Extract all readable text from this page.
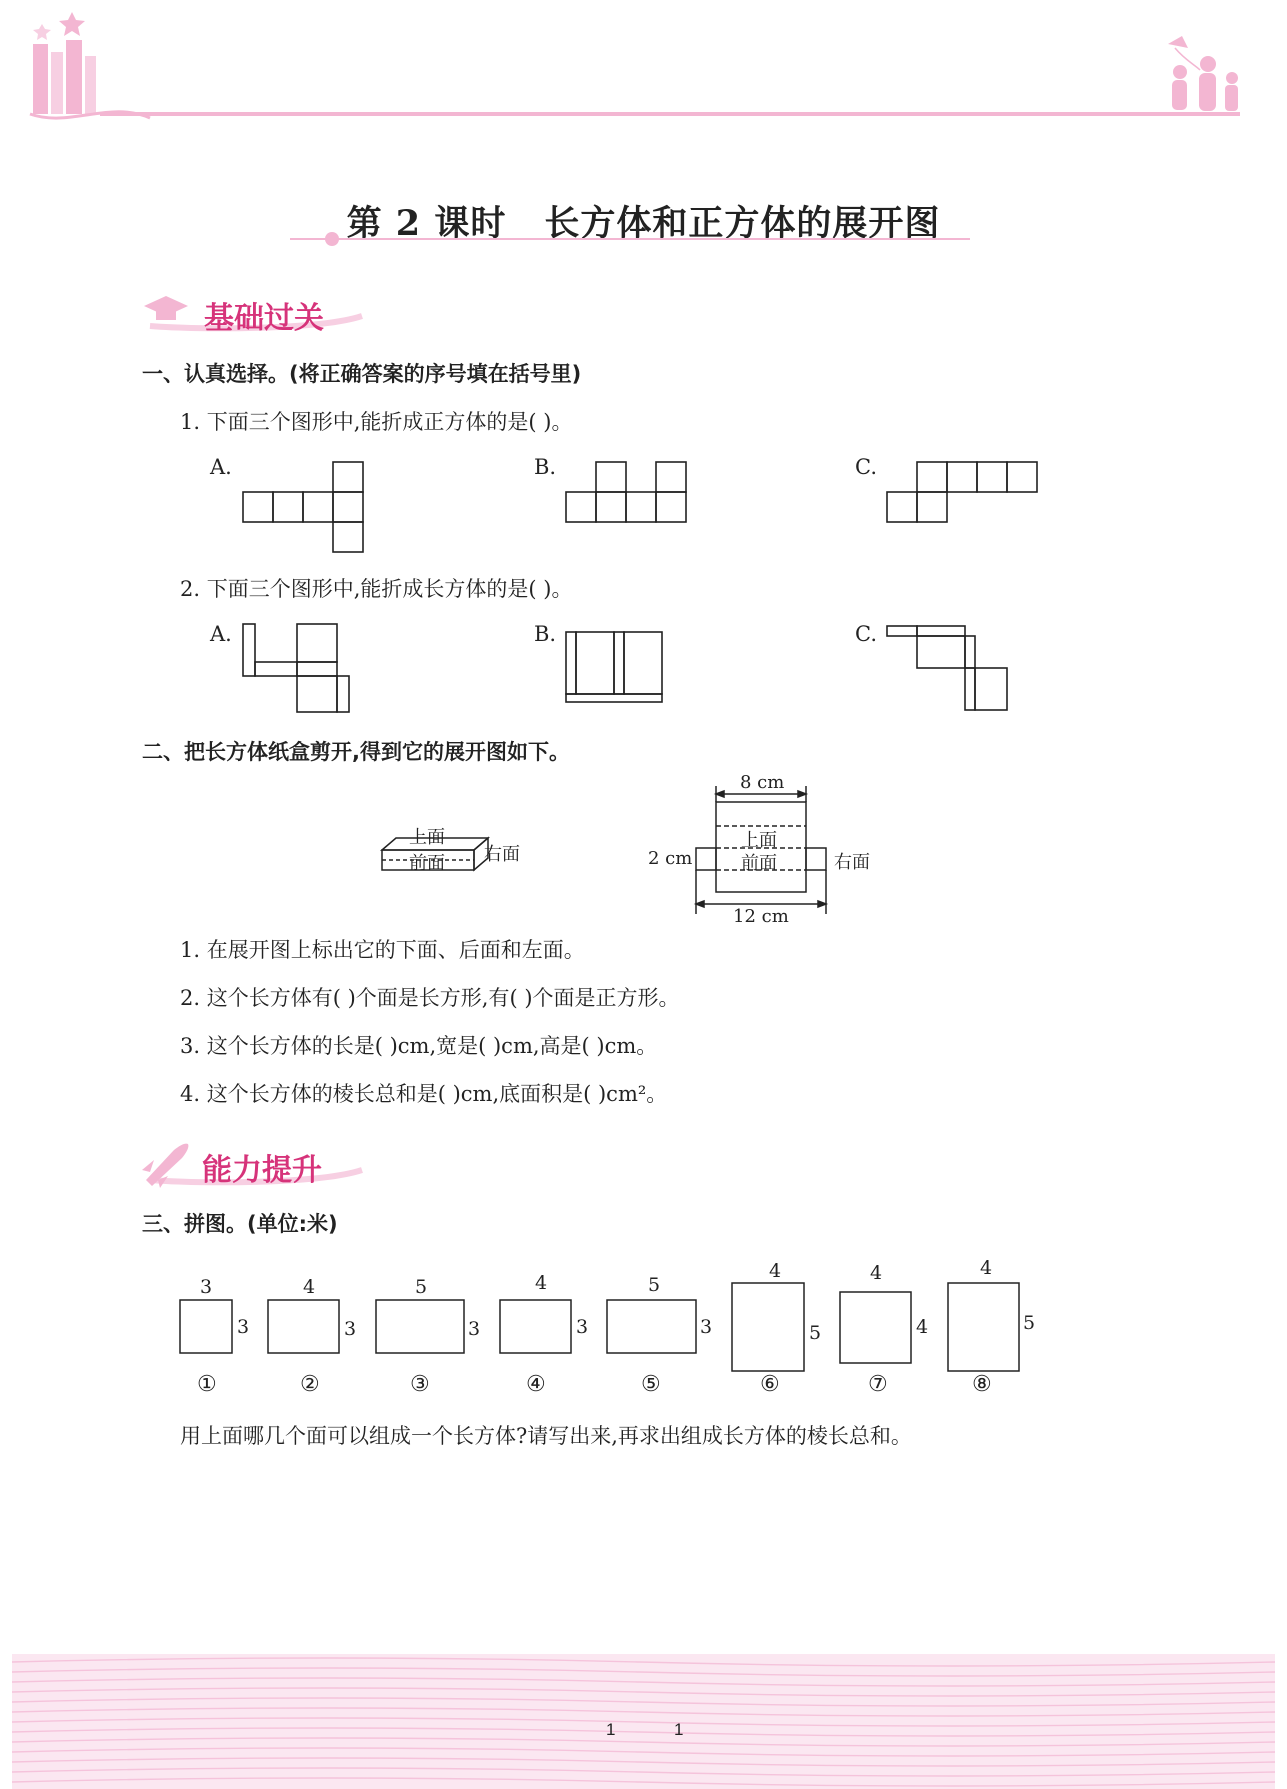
第 2 课时 长方体和正方体的展开图
基础过关
一、认真选择。(将正确答案的序号填在括号里)
1. 下面三个图形中,能折成正方体的是( )。
A.	B.	C.
2. 下面三个图形中,能折成长方体的是( )。
A.	B.	C.
二、把长方体纸盒剪开,得到它的展开图如下。
上面
前面 右面
8 cm
2 cm
12 cm
上面
前面	右面
1. 在展开图上标出它的下面、后面和左面。
2. 这个长方体有( )个面是长方形,有( )个面是正方形。
3. 这个长方体的长是( )cm,宽是( )cm,高是( )cm。
4. 这个长方体的棱长总和是( )cm,底面积是( )cm²。
能力提升
三、拼图。(单位:米)
3	4	5	4	5
4	4	4
3	3	3	3	3	5	4	5
①	②	③	④	⑤	⑥	⑦	⑧
用上面哪几个面可以组成一个长方体?请写出来,再求出组成长方体的棱长总和。
1	1
